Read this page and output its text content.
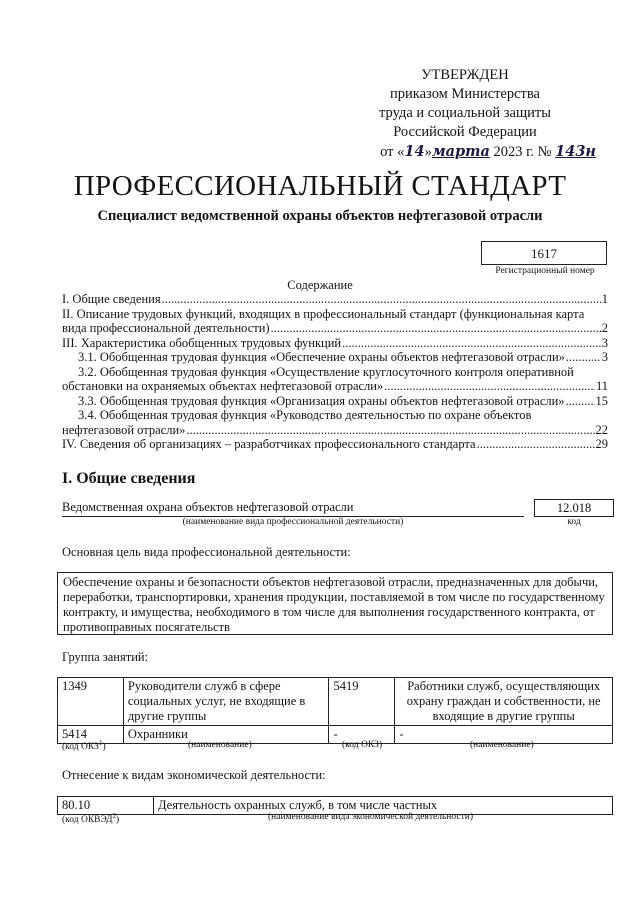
УТВЕРЖДЕН
приказом Министерства
труда и социальной защиты
Российской Федерации
от «14»марта 2023 г. № 143н
ПРОФЕССИОНАЛЬНЫЙ СТАНДАРТ
Специалист ведомственной охраны объектов нефтегазовой отрасли
1617
Регистрационный номер
Содержание
I. Общие сведения .....	1
II. Описание трудовых функций, входящих в профессиональный стандарт (функциональная карта
вида профессиональной деятельности) .....	2
III. Характеристика обобщенных трудовых функций .....	3
3.1. Обобщенная трудовая функция «Обеспечение охраны объектов нефтегазовой отрасли» .....	3
3.2. Обобщенная трудовая функция «Осуществление круглосуточного контроля оперативной
обстановки на охраняемых объектах нефтегазовой отрасли» .....	11
3.3. Обобщенная трудовая функция «Организация охраны объектов нефтегазовой отрасли» ..... 15
3.4. Обобщенная трудовая функция «Руководство деятельностью по охране объектов
нефтегазовой отрасли» .....	22
IV. Сведения об организациях – разработчиках профессионального стандарта .....	29
I. Общие сведения
Ведомственная охрана объектов нефтегазовой отрасли	12.018
(наименование вида профессиональной деятельности)	код
Основная цель вида профессиональной деятельности:
Обеспечение охраны и безопасности объектов нефтегазовой отрасли, предназначенных для добычи, переработки, транспортировки, хранения продукции, поставляемой в том числе по государственному контракту, и имущества, необходимого в том числе для выполнения государственного контракта, от противоправных посягательств
Группа занятий:
1349	Руководители служб в сфере социальных услуг, не входящие в другие группы	5419	Работники служб, осуществляющих охрану граждан и собственности, не входящие в другие группы
5414	Охранники	-	-
(код ОКЗ$^1$)	(наименование)	(код ОКЗ)	(наименование)
Отнесение к видам экономической деятельности:
80.10	Деятельность охранных служб, в том числе частных
(код ОКВЭД$^2$)	(наименование вида экономической деятельности)
